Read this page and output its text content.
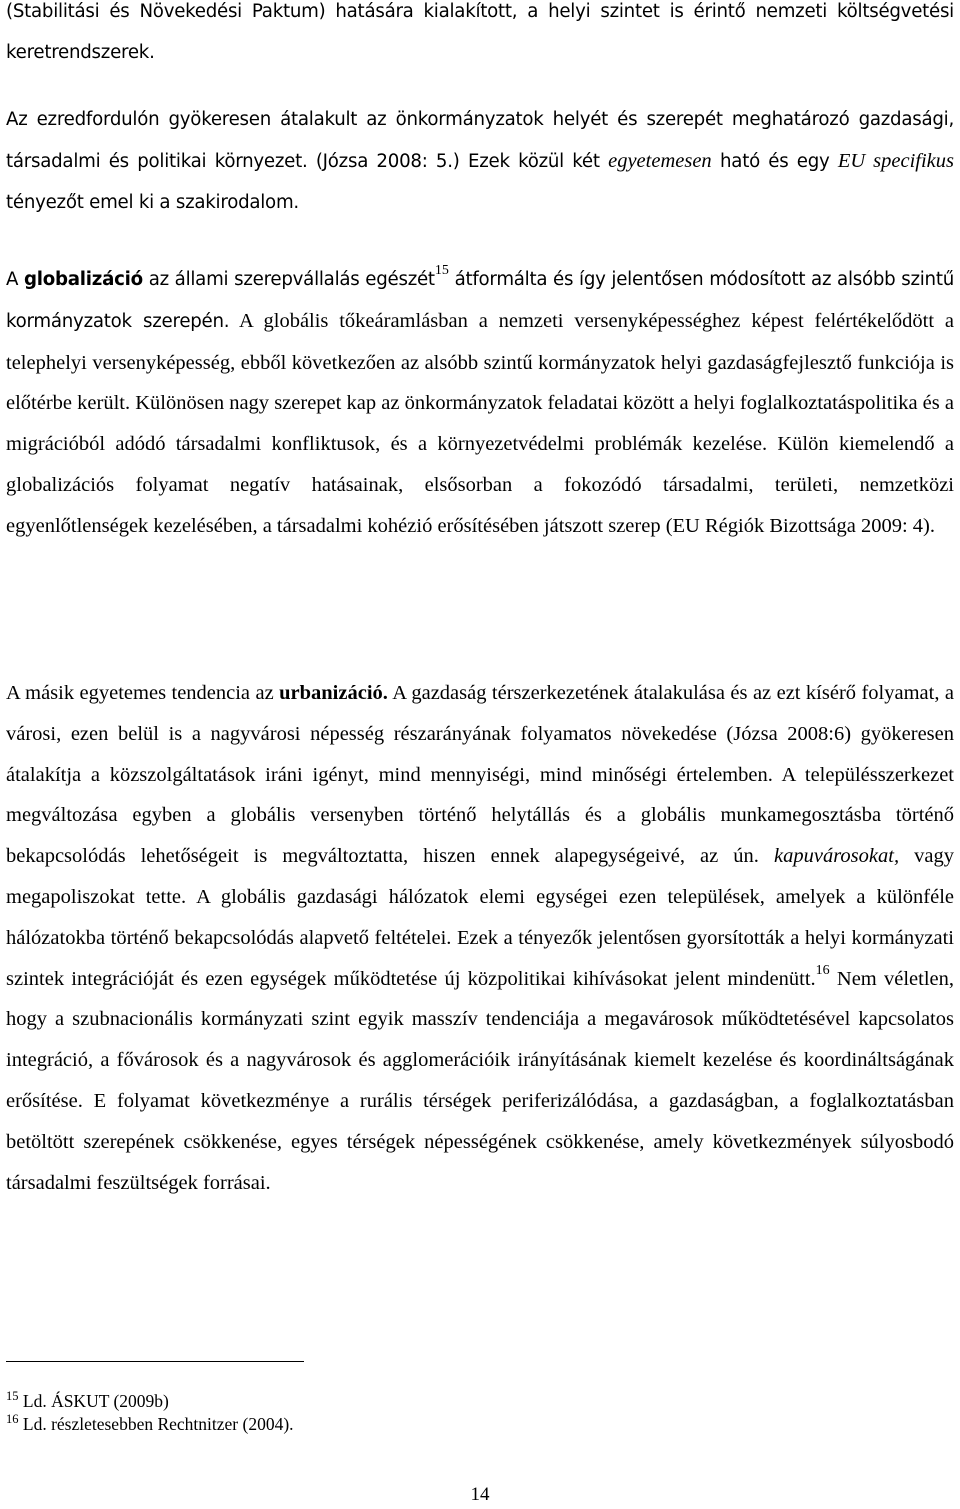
(Stabilitási és Növekedési Paktum) hatására kialakított, a helyi szintet is érintő nemzeti költségvetési keretrendszerek.

Az ezredfordulón gyökeresen átalakult az önkormányzatok helyét és szerepét meghatározó gazdasági, társadalmi és politikai környezet. (Józsa 2008: 5.) Ezek közül két egyetemesen ható és egy EU specifikus tényezőt emel ki a szakirodalom.

A globalizáció az állami szerepvállalás egészét$^{15}$ átformálta és így jelentősen módosított az alsóbb szintű kormányzatok szerepén. A globális tőkeáramlásban a nemzeti versenyképességhez képest felértékelődött a telephelyi versenyképesség, ebből következően az alsóbb szintű kormányzatok helyi gazdaságfejlesztő funkciója is előtérbe került. Különösen nagy szerepet kap az önkormányzatok feladatai között a helyi foglalkoztatáspolitika és a migrációból adódó társadalmi konfliktusok, és a környezetvédelmi problémák kezelése. Külön kiemelendő a globalizációs folyamat negatív hatásainak, elsősorban a fokozódó társadalmi, területi, nemzetközi egyenlőtlenségek kezelésében, a társadalmi kohézió erősítésében játszott szerep (EU Régiók Bizottsága 2009: 4).

A másik egyetemes tendencia az urbanizáció. A gazdaság térszerkezetének átalakulása és az ezt kísérő folyamat, a városi, ezen belül is a nagyvárosi népesség részarányának folyamatos növekedése (Józsa 2008:6) gyökeresen átalakítja a közszolgáltatások iráni igényt, mind mennyiségi, mind minőségi értelemben. A településszerkezet megváltozása egyben a globális versenyben történő helytállás és a globális munkamegosztásba történő bekapcsolódás lehetőségeit is megváltoztatta, hiszen ennek alapegységeivé, az ún. kapuvárosokat, vagy megapoliszokat tette. A globális gazdasági hálózatok elemi egységei ezen települések, amelyek a különféle hálózatokba történő bekapcsolódás alapvető feltételei. Ezek a tényezők jelentősen gyorsították a helyi kormányzati szintek integrációját és ezen egységek működtetése új közpolitikai kihívásokat jelent mindenütt.$^{16}$ Nem véletlen, hogy a szubnacionális kormányzati szint egyik masszív tendenciája a megavárosok működtetésével kapcsolatos integráció, a fővárosok és a nagyvárosok és agglomerációik irányításának kiemelt kezelése és koordináltságának erősítése. E folyamat következménye a rurális térségek periferizálódása, a gazdaságban, a foglalkoztatásban betöltött szerepének csökkenése, egyes térségek népességének csökkenése, amely következmények súlyosbodó társadalmi feszültségek forrásai.

$^{15}$ Ld. ÁSKUT (2009b)

$^{16}$ Ld. részletesebben Rechtnitzer (2004).

14
